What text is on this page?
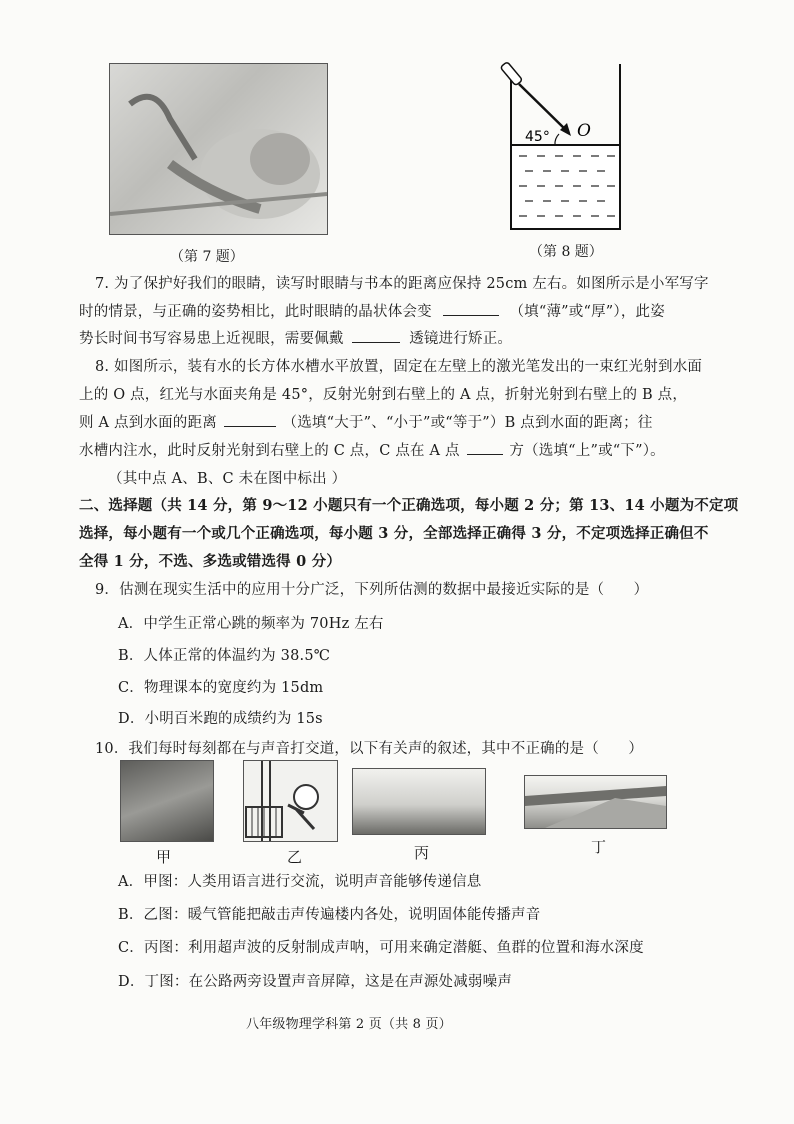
（第 7 题）
45° O
（第 8 题）
7. 为了保护好我们的眼睛，读写时眼睛与书本的距离应保持 25cm 左右。如图所示是小军写字
时的情景，与正确的姿势相比，此时眼睛的晶状体会变	（填“薄”或“厚”），此姿
势长时间书写容易患上近视眼，需要佩戴	透镜进行矫正。
8. 如图所示，装有水的长方体水槽水平放置，固定在左壁上的激光笔发出的一束红光射到水面
上的 O 点，红光与水面夹角是 45°，反射光射到右壁上的 A 点，折射光射到右壁上的 B 点，
则 A 点到水面的距离	（选填“大于”、“小于”或“等于”）B 点到水面的距离；往
水槽内注水，此时反射光射到右壁上的 C 点，C 点在 A 点	方（选填“上”或“下”）。
（其中点 A、B、C 未在图中标出 ）
二、选择题（共 14 分，第 9～12 小题只有一个正确选项，每小题 2 分；第 13、14 小题为不定项
选择，每小题有一个或几个正确选项，每小题 3 分，全部选择正确得 3 分，不定项选择正确但不
全得 1 分，不选、多选或错选得 0 分）
9．估测在现实生活中的应用十分广泛，下列所估测的数据中最接近实际的是（　　）
A．中学生正常心跳的频率为 70Hz 左右
B．人体正常的体温约为 38.5℃
C．物理课本的宽度约为 15dm
D．小明百米跑的成绩约为 15s
10．我们每时每刻都在与声音打交道，以下有关声的叙述，其中不正确的是（　　）
甲	乙	丙	丁
A．甲图：人类用语言进行交流，说明声音能够传递信息
B．乙图：暖气管能把敲击声传遍楼内各处，说明固体能传播声音
C．丙图：利用超声波的反射制成声呐，可用来确定潜艇、鱼群的位置和海水深度
D．丁图：在公路两旁设置声音屏障，这是在声源处减弱噪声
八年级物理学科第 2 页（共 8 页）
